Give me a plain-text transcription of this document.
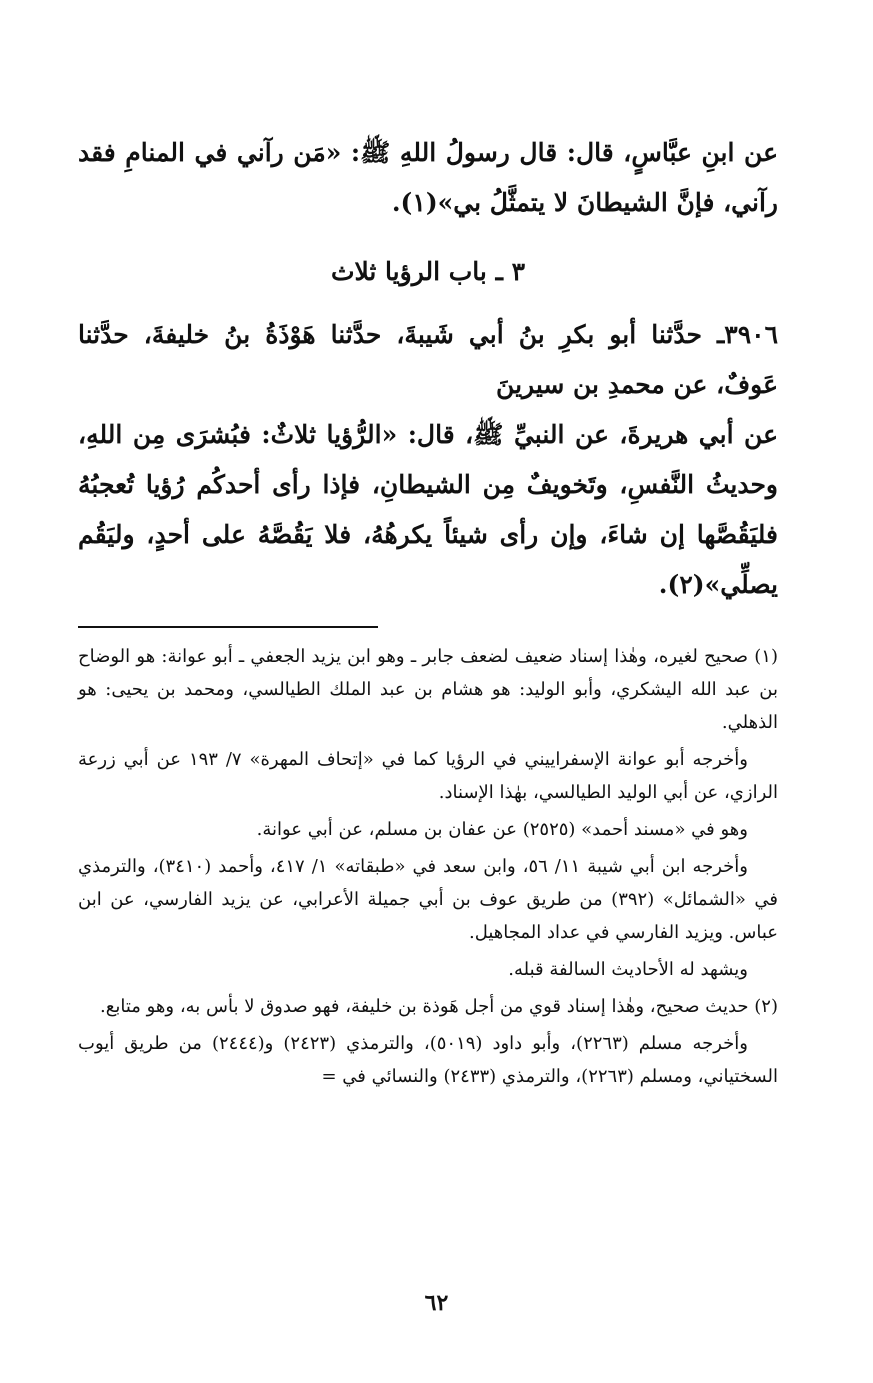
عن ابنِ عبَّاسٍ، قال: قال رسولُ اللهِ ﷺ: «مَن رآني في المنامِ فقد رآني، فإنَّ الشيطانَ لا يتمثَّلُ بي»(١).

٣ ـ باب الرؤيا ثلاث

٣٩٠٦ـ حدَّثنا أبو بكرِ بنُ أبي شَيبةَ، حدَّثنا هَوْذَةُ بنُ خليفةَ، حدَّثنا عَوفٌ، عن محمدِ بن سيرينَ

عن أبي هريرةَ، عن النبيِّ ﷺ، قال: «الرُّؤيا ثلاثٌ: فبُشرَى مِن اللهِ، وحديثُ النَّفسِ، وتَخويفٌ مِن الشيطانِ، فإذا رأى أحدكُم رُؤيا تُعجبُهُ فليَقُصَّها إن شاءَ، وإن رأى شيئاً يكرهُهُ، فلا يَقُصَّهُ على أحدٍ، وليَقُم يصلِّي»(٢).

(١) صحيح لغيره، وهٰذا إسناد ضعيف لضعف جابر ـ وهو ابن يزيد الجعفي ـ أبو عوانة: هو الوضاح بن عبد الله اليشكري، وأبو الوليد: هو هشام بن عبد الملك الطيالسي، ومحمد بن يحيى: هو الذهلي.

وأخرجه أبو عوانة الإسفراييني في الرؤيا كما في «إتحاف المهرة» ٧/ ١٩٣ عن أبي زرعة الرازي، عن أبي الوليد الطيالسي، بهٰذا الإسناد.

وهو في «مسند أحمد» (٢٥٢٥) عن عفان بن مسلم، عن أبي عوانة.

وأخرجه ابن أبي شيبة ١١/ ٥٦، وابن سعد في «طبقاته» ١/ ٤١٧، وأحمد (٣٤١٠)، والترمذي في «الشمائل» (٣٩٢) من طريق عوف بن أبي جميلة الأعرابي، عن يزيد الفارسي، عن ابن عباس. ويزيد الفارسي في عداد المجاهيل.

ويشهد له الأحاديث السالفة قبله.

(٢) حديث صحيح، وهٰذا إسناد قوي من أجل هَوذة بن خليفة، فهو صدوق لا بأس به، وهو متابع.

وأخرجه مسلم (٢٢٦٣)، وأبو داود (٥٠١٩)، والترمذي (٢٤٢٣) و(٢٤٤٤) من طريق أيوب السختياني، ومسلم (٢٢٦٣)، والترمذي (٢٤٣٣) والنسائي في =

٦٢
